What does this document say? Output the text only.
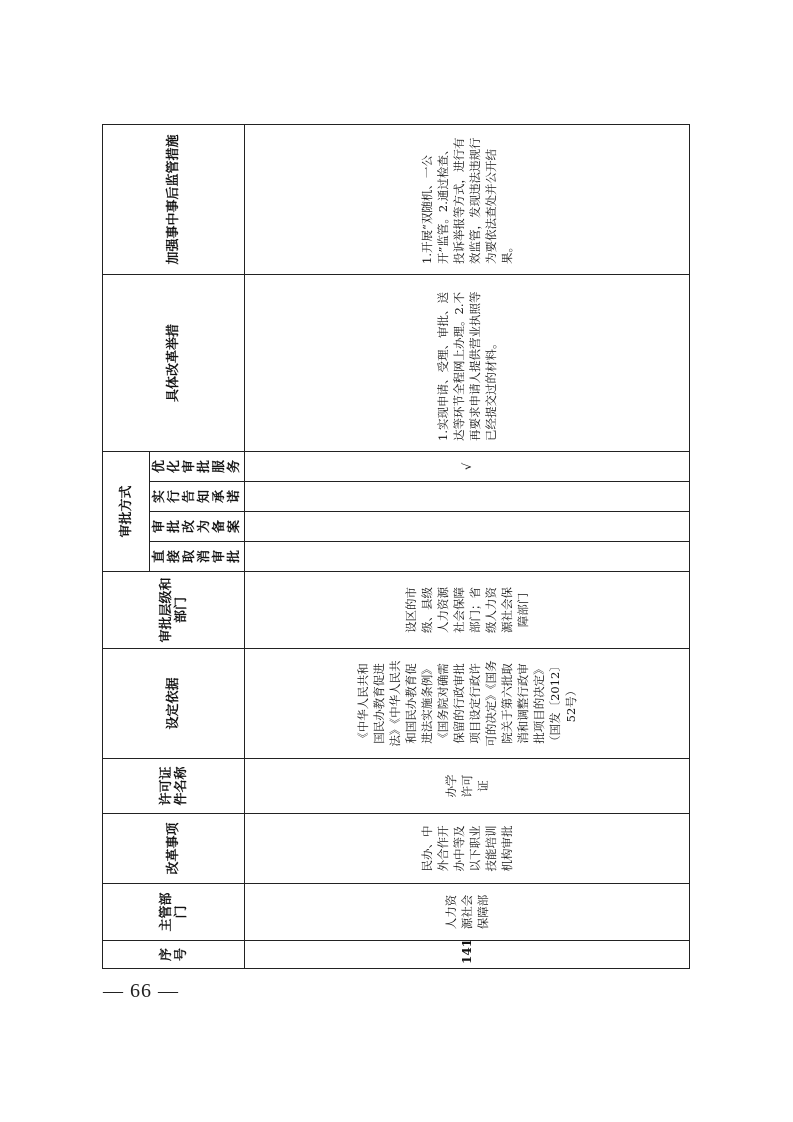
序号	主管部门	改革事项	许可证件名称	设定依据	审批层级和部门	审批方式				具体改革举措	加强事中事后监管措施
						直接取消审批	审批改为备案	实行告知承诺	优化审批服务		
141	人力资源社会保障部	民办、中外合作开办中等及以下职业技能培训机构审批	办学许可证	《中华人民共和国民办教育促进法》《中华人民共和国民办教育促进法实施条例》《国务院对确需保留的行政审批项目设定行政许可的决定》《国务院关于第六批取消和调整行政审批项目的决定》（国发〔2012〕52号）	设区的市级、县级人力资源社会保障部门；省级人力资源社会保障部门				√	1.实现申请、受理、审批、送达等环节全程网上办理。2.不再要求申请人提供营业执照等已经提交过的材料。	1.开展“双随机、一公开”监管。2.通过检查、投诉举报等方式，进行有效监管，发现违法违规行为要依法查处并公开结果。
— 66 —
